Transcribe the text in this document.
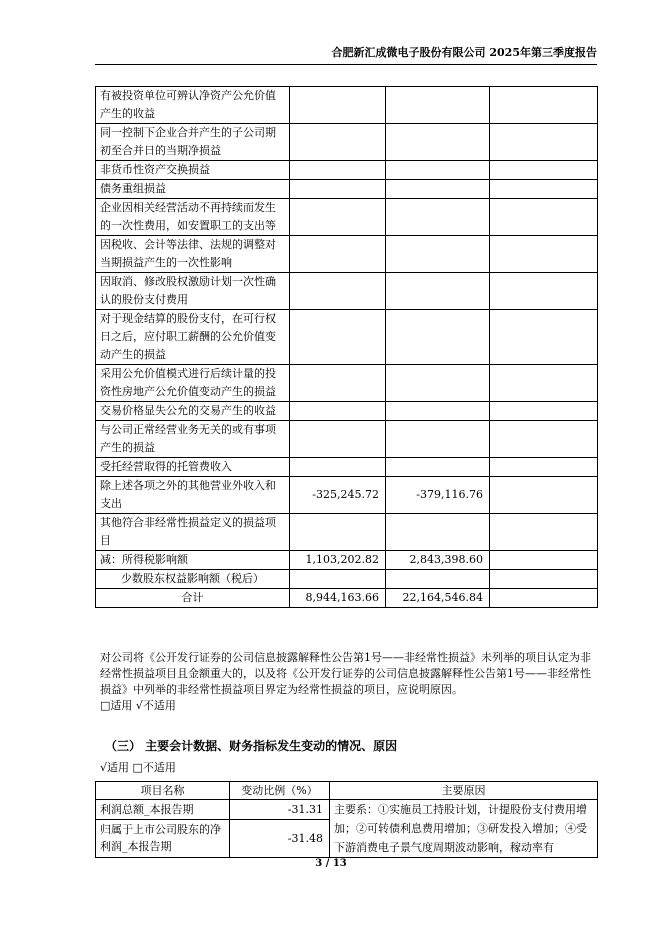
合肥新汇成微电子股份有限公司 2025年第三季度报告
有被投资单位可辨认净资产公允价值产生的收益			
同一控制下企业合并产生的子公司期初至合并日的当期净损益			
非货币性资产交换损益			
债务重组损益			
企业因相关经营活动不再持续而发生的一次性费用，如安置职工的支出等			
因税收、会计等法律、法规的调整对当期损益产生的一次性影响			
因取消、修改股权激励计划一次性确认的股份支付费用			
对于现金结算的股份支付，在可行权日之后，应付职工薪酬的公允价值变动产生的损益			
采用公允价值模式进行后续计量的投资性房地产公允价值变动产生的损益			
交易价格显失公允的交易产生的收益			
与公司正常经营业务无关的或有事项产生的损益			
受托经营取得的托管费收入			
除上述各项之外的其他营业外收入和支出	-325,245.72	-379,116.76	
其他符合非经常性损益定义的损益项目			
减：所得税影响额	1,103,202.82	2,843,398.60	
少数股东权益影响额（税后）			
合计	8,944,163.66	22,164,546.84	
对公司将《公开发行证券的公司信息披露解释性公告第1号——非经常性损益》未列举的项目认定为非经常性损益项目且金额重大的，以及将《公开发行证券的公司信息披露解释性公告第1号——非经常性损益》中列举的非经常性损益项目界定为经常性损益的项目，应说明原因。
□适用 √不适用
（三） 主要会计数据、财务指标发生变动的情况、原因
√适用 □不适用
项目名称	变动比例（%）	主要原因
利润总额_本报告期	-31.31	主要系：①实施员工持股计划，计提股份支付费用增加；②可转债利息费用增加；③研发投入增加；④受下游消费电子景气度周期波动影响，稼动率有
归属于上市公司股东的净利润_本报告期	-31.48	
3 / 13
